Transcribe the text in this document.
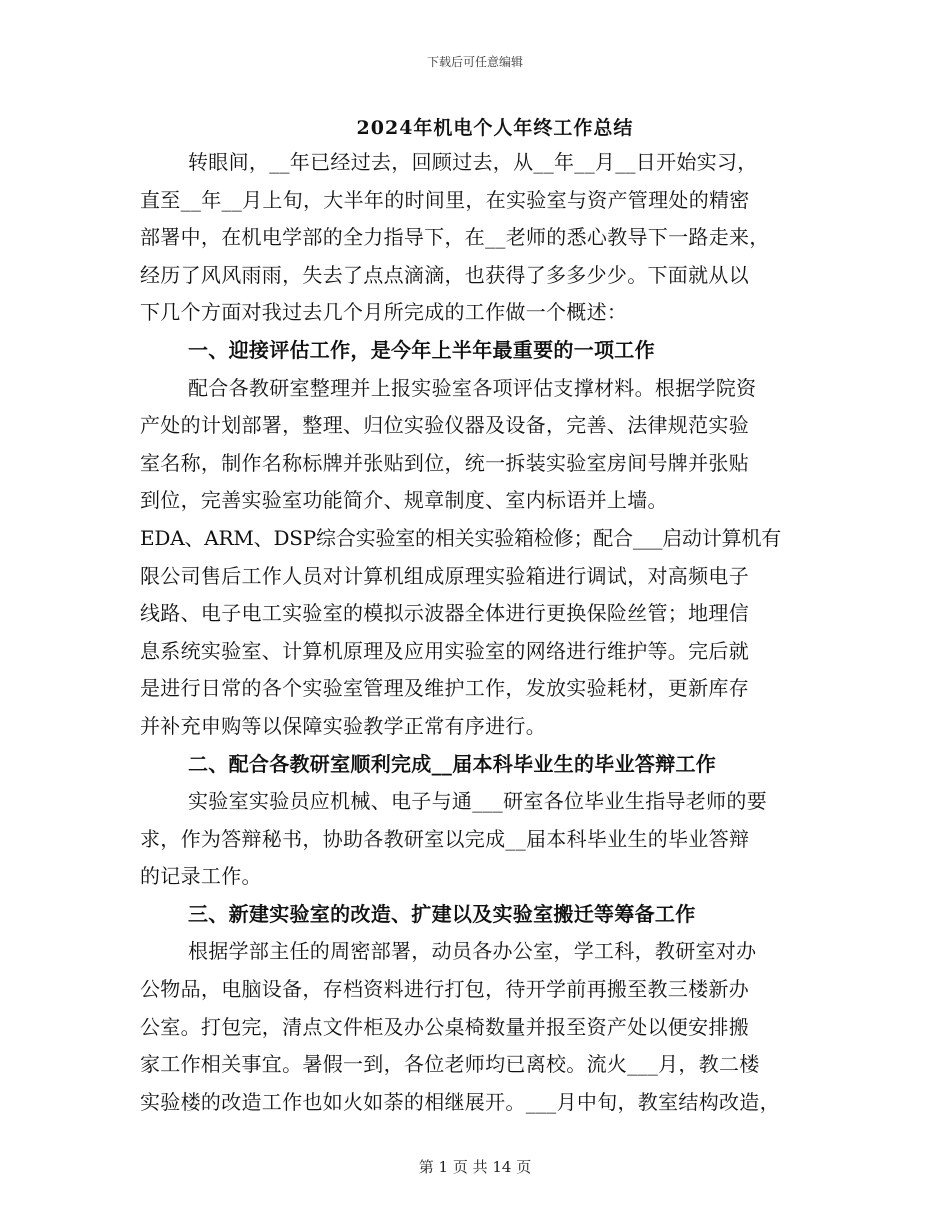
下载后可任意编辑
2024年机电个人年终工作总结
转眼间，__年已经过去，回顾过去，从__年__月__日开始实习，
直至__年__月上旬，大半年的时间里，在实验室与资产管理处的精密
部署中，在机电学部的全力指导下，在__老师的悉心教导下一路走来，
经历了风风雨雨，失去了点点滴滴，也获得了多多少少。下面就从以
下几个方面对我过去几个月所完成的工作做一个概述：
一、迎接评估工作，是今年上半年最重要的一项工作
配合各教研室整理并上报实验室各项评估支撑材料。根据学院资
产处的计划部署，整理、归位实验仪器及设备，完善、法律规范实验
室名称，制作名称标牌并张贴到位，统一拆装实验室房间号牌并张贴
到位，完善实验室功能简介、规章制度、室内标语并上墙。
EDA、ARM、DSP综合实验室的相关实验箱检修；配合___启动计算机有
限公司售后工作人员对计算机组成原理实验箱进行调试，对高频电子
线路、电子电工实验室的模拟示波器全体进行更换保险丝管；地理信
息系统实验室、计算机原理及应用实验室的网络进行维护等。完后就
是进行日常的各个实验室管理及维护工作，发放实验耗材，更新库存
并补充申购等以保障实验教学正常有序进行。
二、配合各教研室顺利完成__届本科毕业生的毕业答辩工作
实验室实验员应机械、电子与通___研室各位毕业生指导老师的要
求，作为答辩秘书，协助各教研室以完成__届本科毕业生的毕业答辩
的记录工作。
三、新建实验室的改造、扩建以及实验室搬迁等筹备工作
根据学部主任的周密部署，动员各办公室，学工科，教研室对办
公物品，电脑设备，存档资料进行打包，待开学前再搬至教三楼新办
公室。打包完，清点文件柜及办公桌椅数量并报至资产处以便安排搬
家工作相关事宜。暑假一到，各位老师均已离校。流火___月，教二楼
实验楼的改造工作也如火如荼的相继展开。___月中旬，教室结构改造，
第 1 页 共 14 页
